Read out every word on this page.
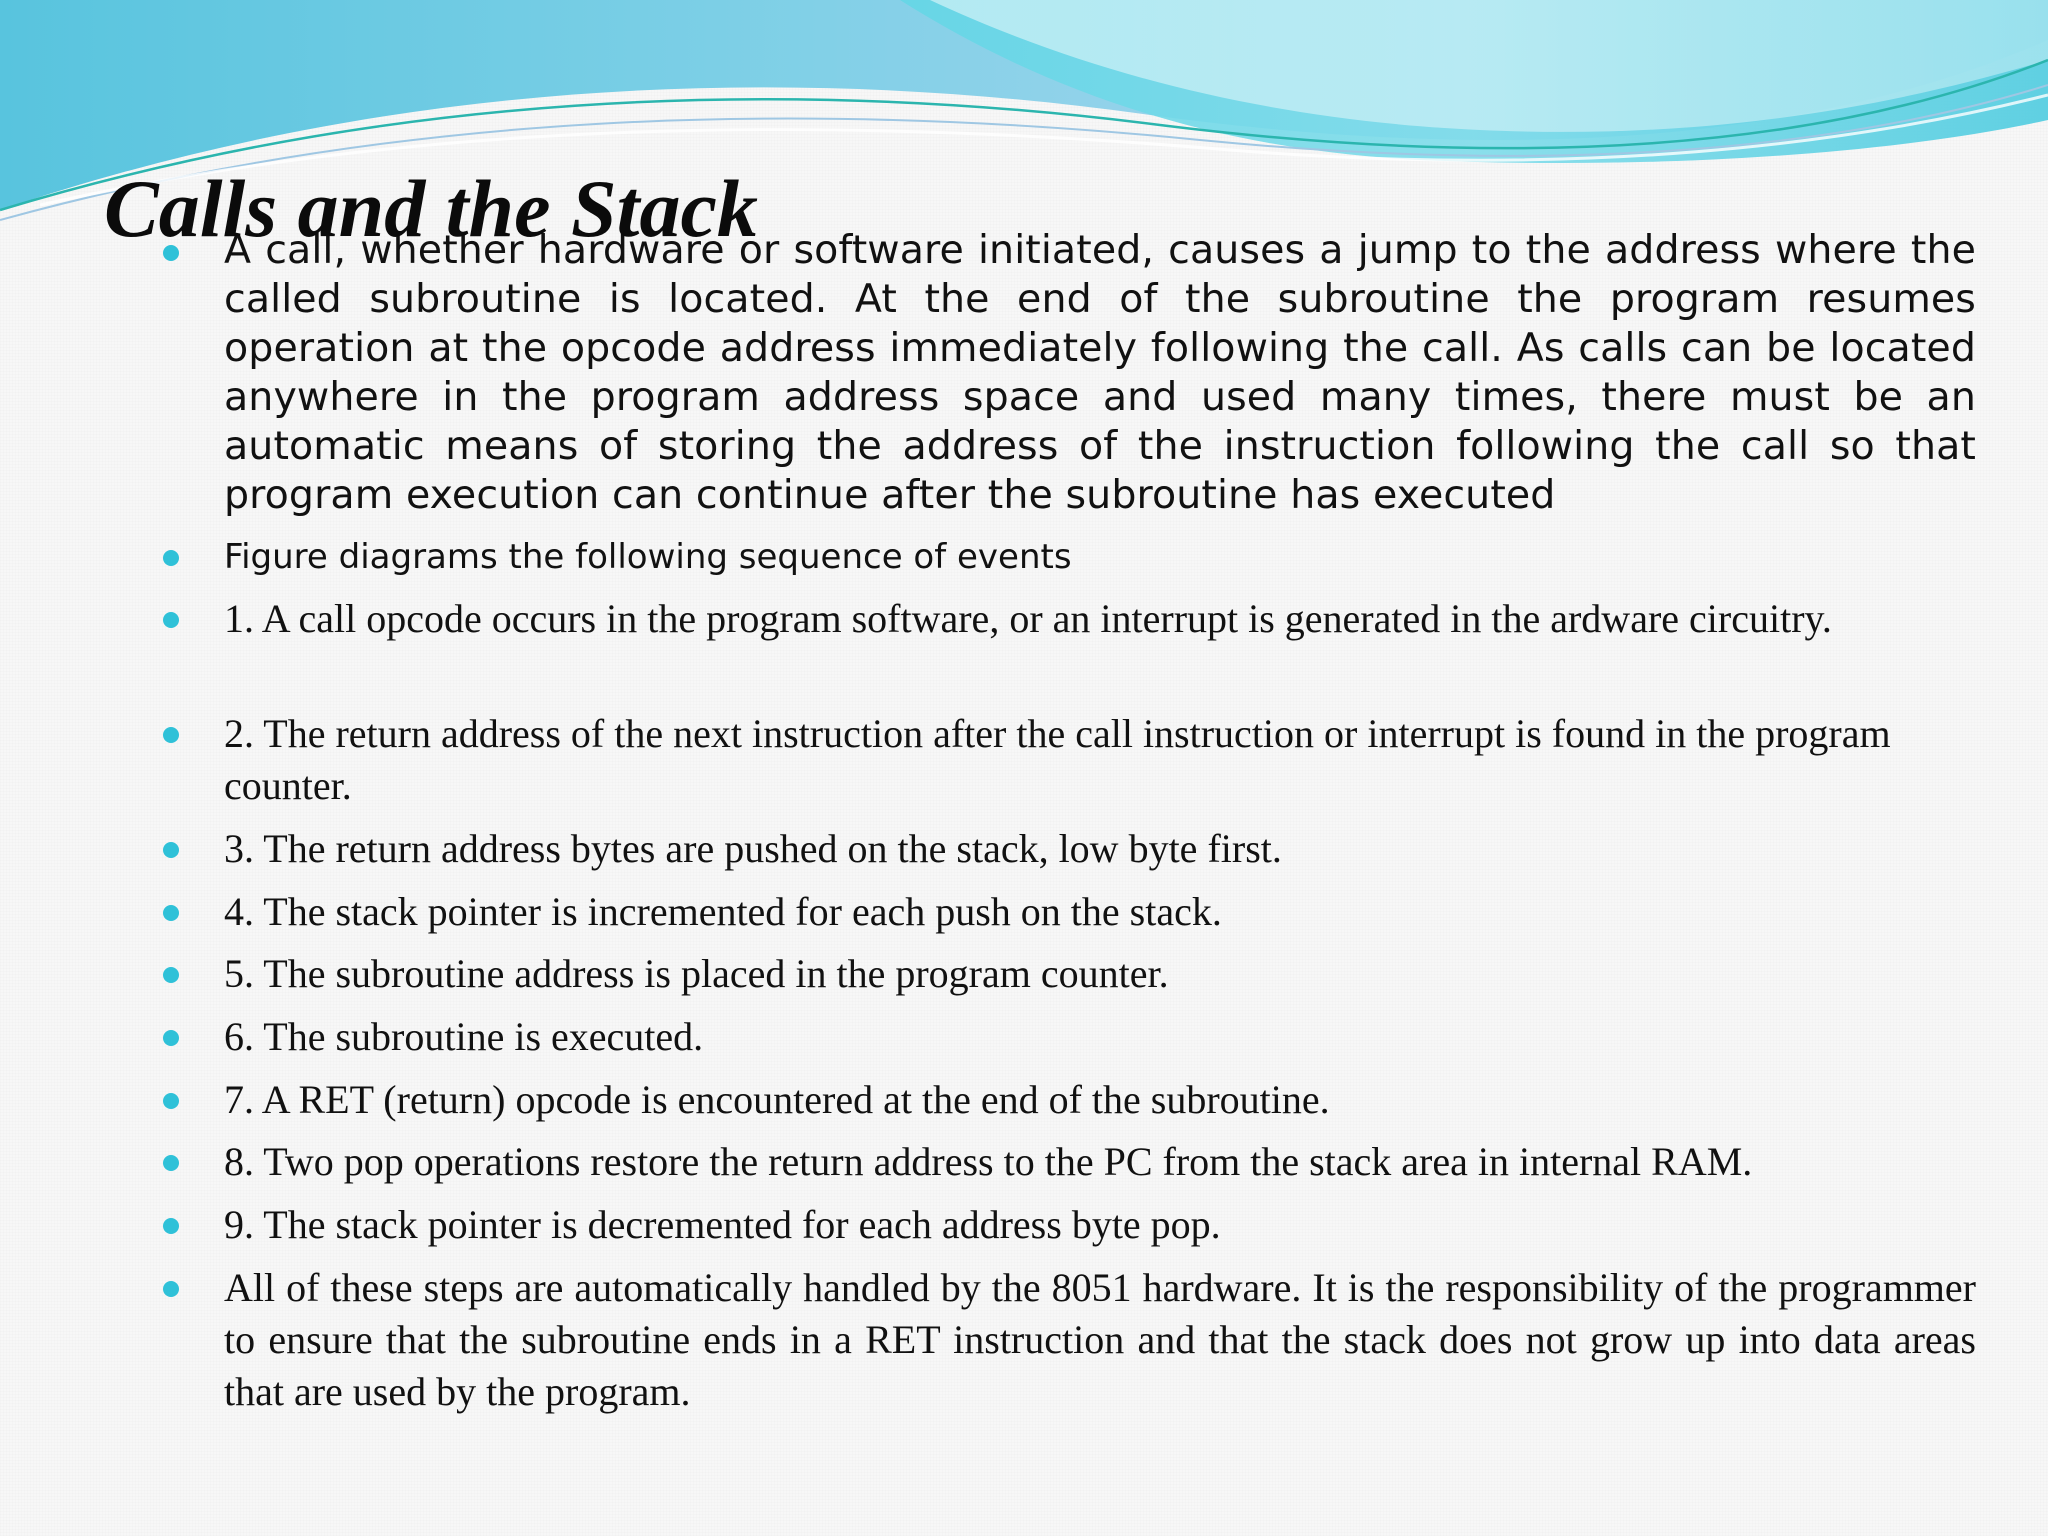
Calls and the Stack
A call, whether hardware or software initiated, causes a jump to the address where the called subroutine is located. At the end of the subroutine the program resumes operation at the opcode address immediately following the call. As calls can be located anywhere in the program address space and used many times, there must be an automatic means of storing the address of the instruction following the call so that program execution can continue after the subroutine has executed
Figure diagrams the following sequence of events
1. A call opcode occurs in the program software, or an interrupt is generated in the ardware circuitry.
2. The return address of the next instruction after the call instruction or interrupt is found in the program counter.
3. The return address bytes are pushed on the stack, low byte first.
4. The stack pointer is incremented for each push on the stack.
5. The subroutine address is placed in the program counter.
6. The subroutine is executed.
7. A RET (return) opcode is encountered at the end of the subroutine.
8. Two pop operations restore the return address to the PC from the stack area in internal RAM.
9. The stack pointer is decremented for each address byte pop.
All of these steps are automatically handled by the 8051 hardware. It is the responsibility of the programmer to ensure that the subroutine ends in a RET instruction and that the stack does not grow up into data areas that are used by the program.
